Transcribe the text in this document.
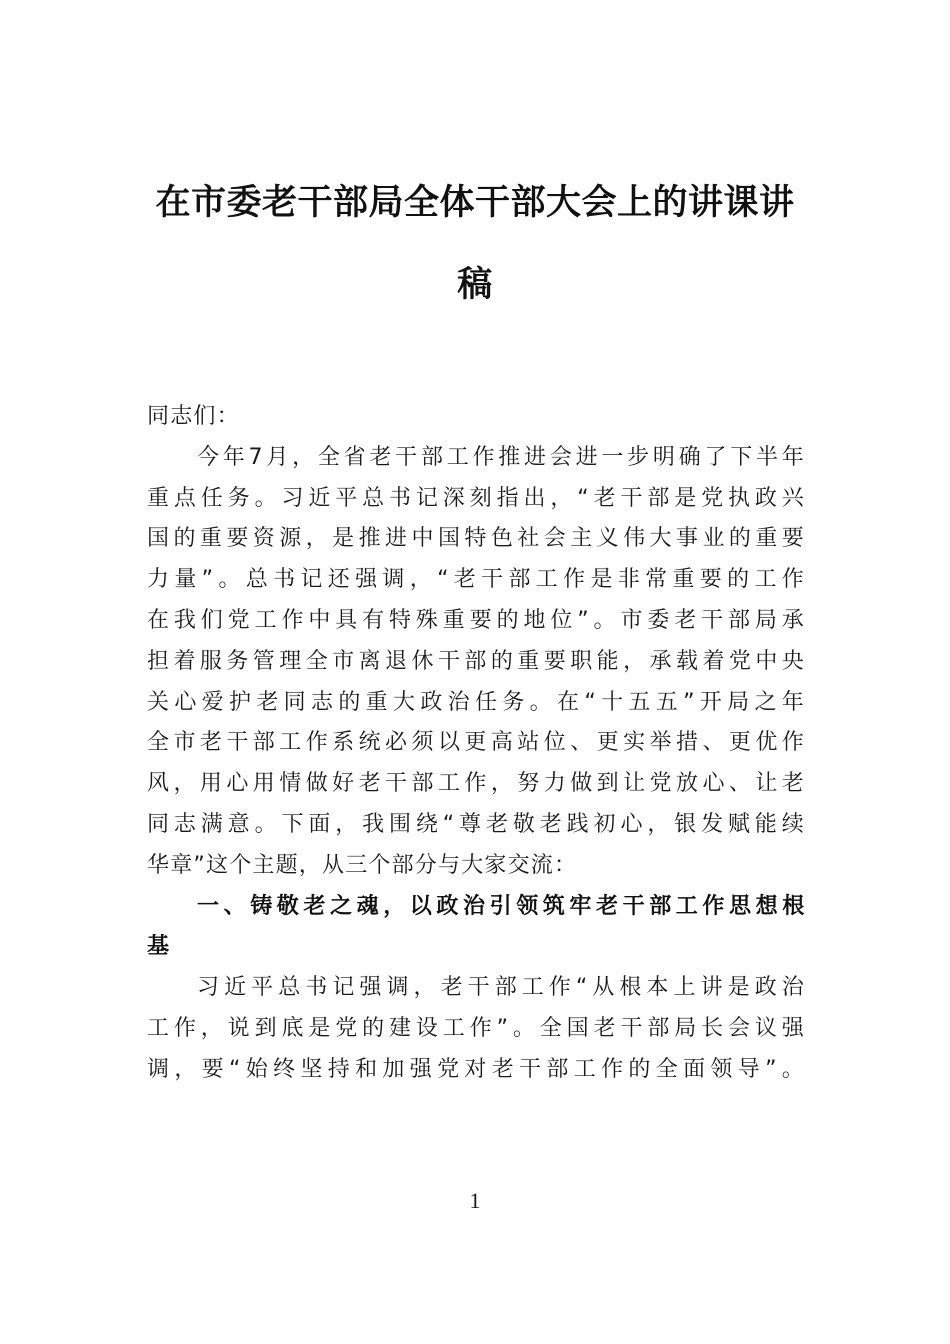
在市委老干部局全体干部大会上的讲课讲
稿
同志们：
今年7月，全省老干部工作推进会进一步明确了下半年
重点任务。习近平总书记深刻指出，“老干部是党执政兴
国的重要资源，是推进中国特色社会主义伟大事业的重要
力量”。总书记还强调，“老干部工作是非常重要的工作
在我们党工作中具有特殊重要的地位”。市委老干部局承
担着服务管理全市离退休干部的重要职能，承载着党中央
关心爱护老同志的重大政治任务。在“十五五”开局之年
全市老干部工作系统必须以更高站位、更实举措、更优作
风，用心用情做好老干部工作，努力做到让党放心、让老
同志满意。下面，我围绕“尊老敬老践初心，银发赋能续
华章”这个主题，从三个部分与大家交流：
一、铸敬老之魂，以政治引领筑牢老干部工作思想根
基
习近平总书记强调，老干部工作“从根本上讲是政治
工作，说到底是党的建设工作”。全国老干部局长会议强
调，要“始终坚持和加强党对老干部工作的全面领导”。
1
